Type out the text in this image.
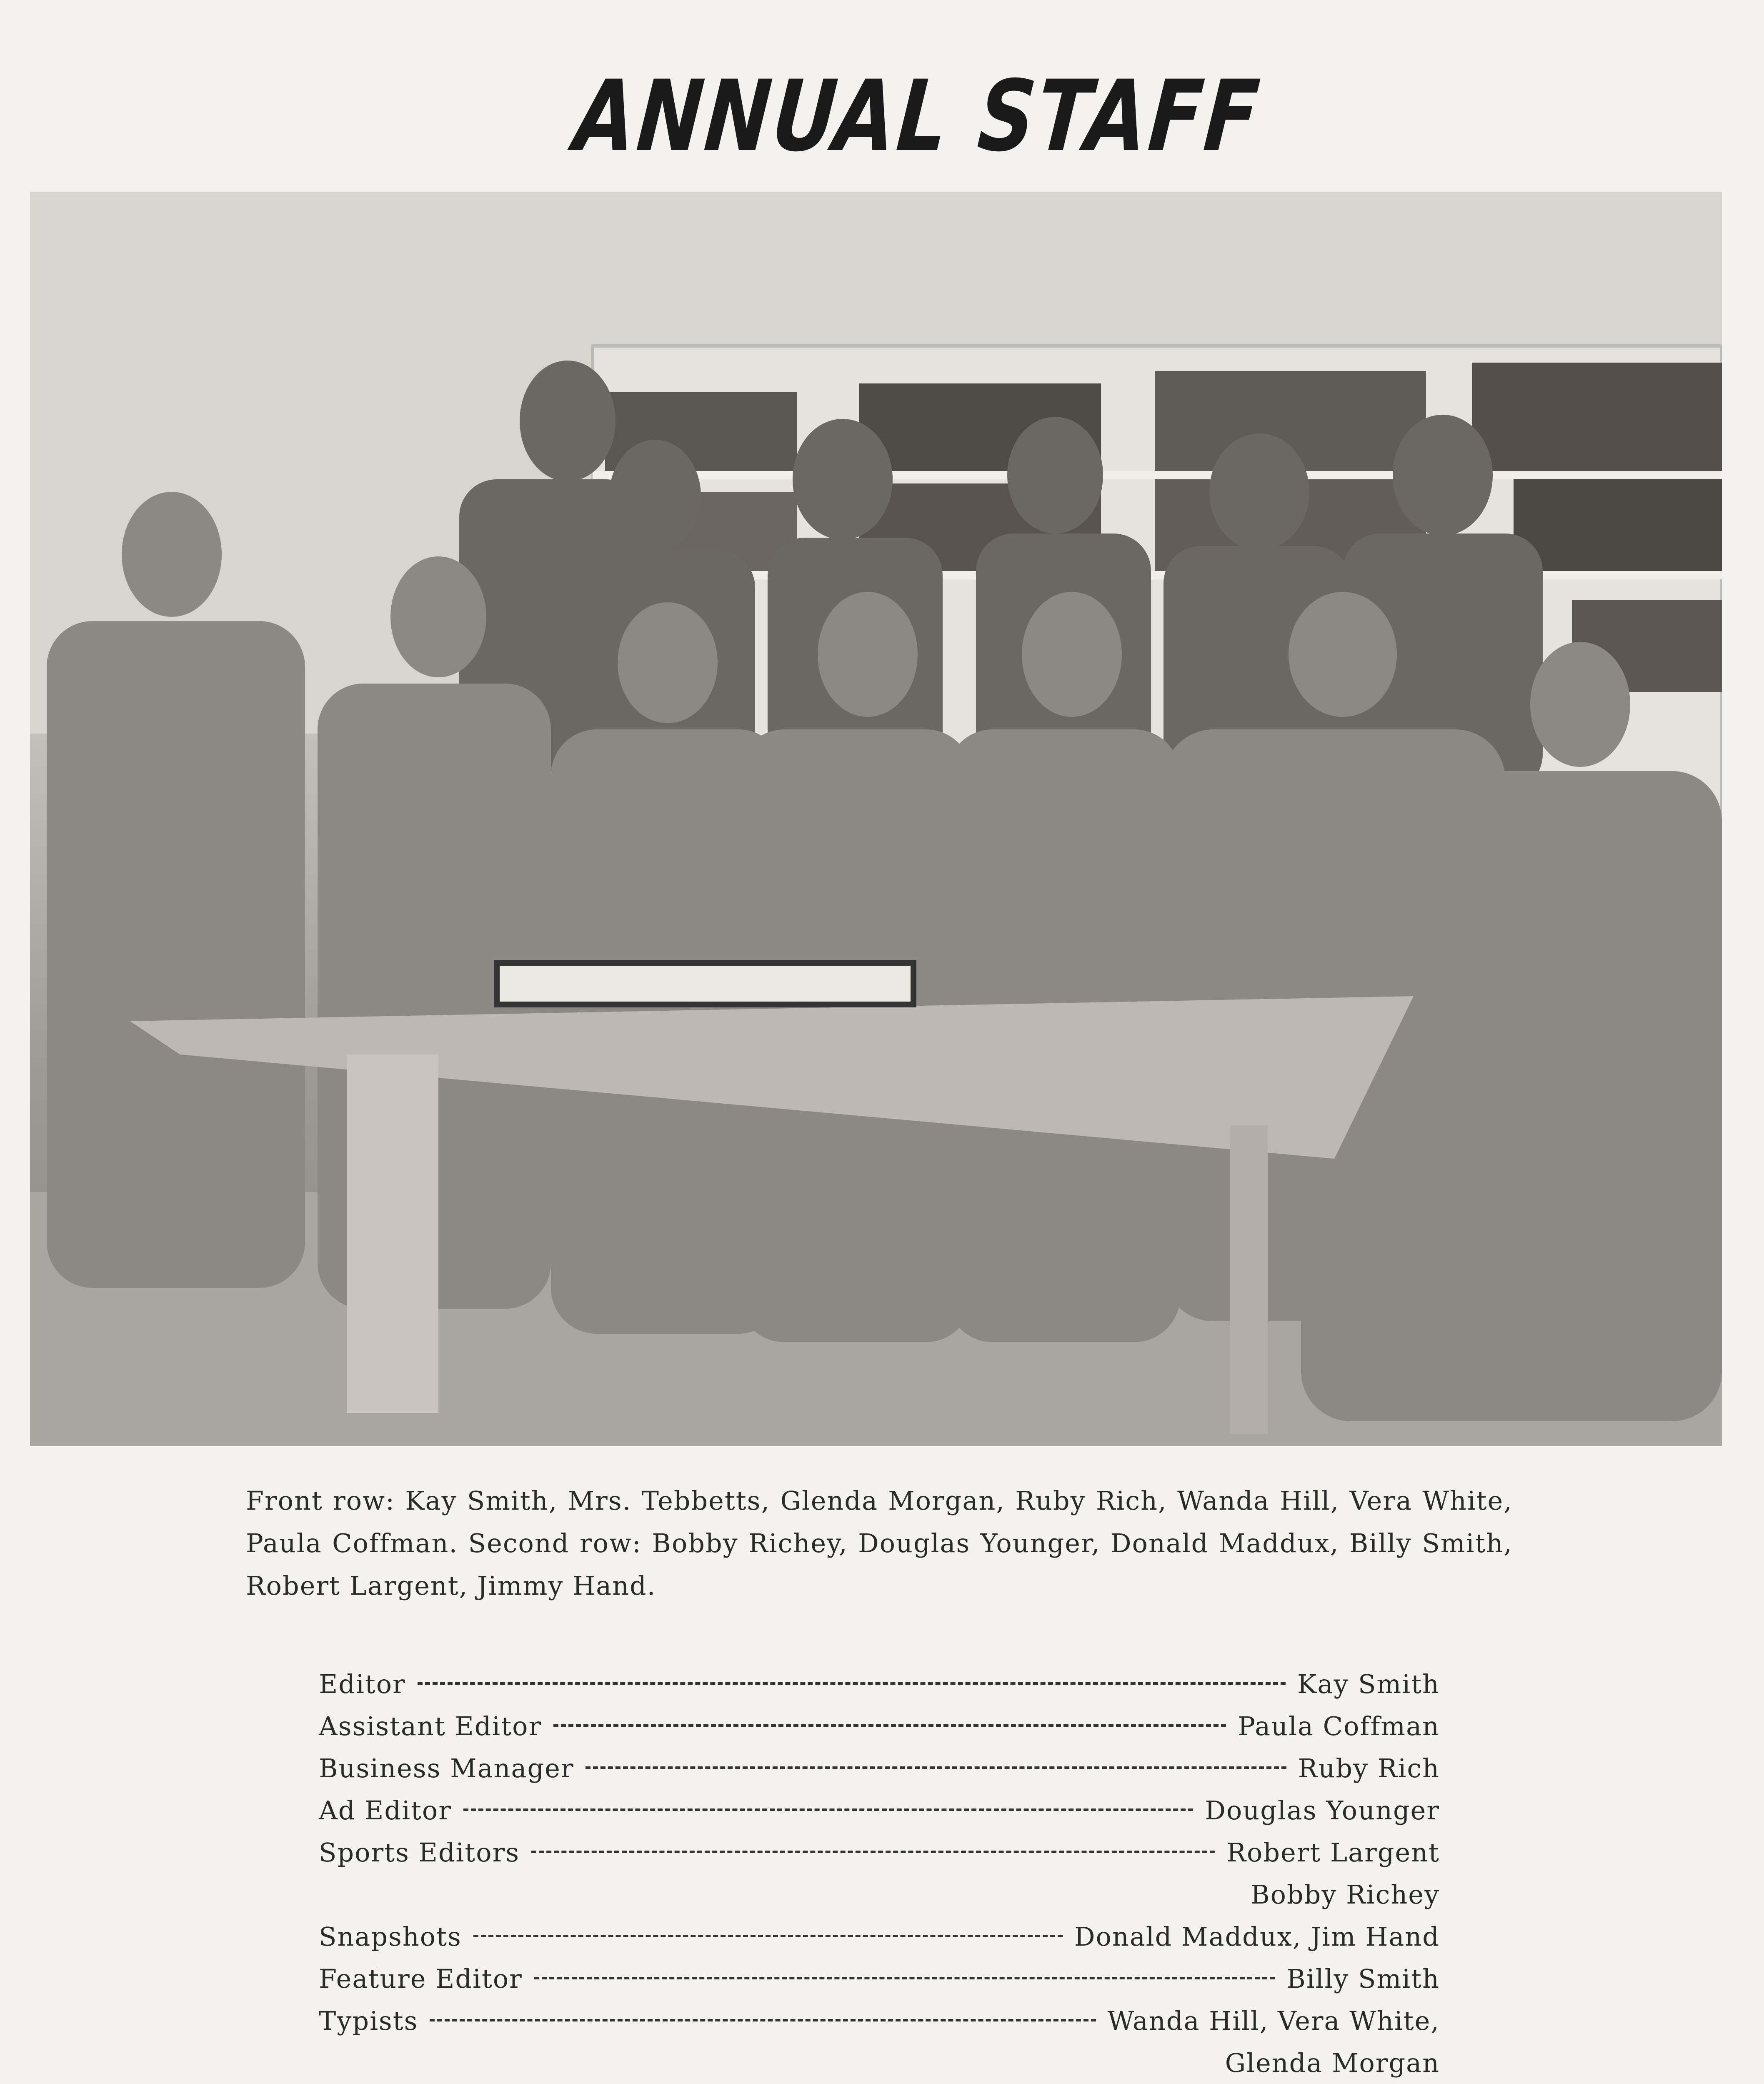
ANNUAL STAFF

Front row: Kay Smith, Mrs. Tebbetts, Glenda Morgan, Ruby Rich, Wanda Hill, Vera White, Paula Coffman. Second row: Bobby Richey, Douglas Younger, Donald Maddux, Billy Smith, Robert Largent, Jimmy Hand.

Editor	Kay Smith
Assistant Editor	Paula Coffman
Business Manager	Ruby Rich
Ad Editor	Douglas Younger
Sports Editors	Robert Largent
Bobby Richey
Snapshots	Donald Maddux, Jim Hand
Feature Editor	Billy Smith
Typists	Wanda Hill, Vera White,
Glenda Morgan
